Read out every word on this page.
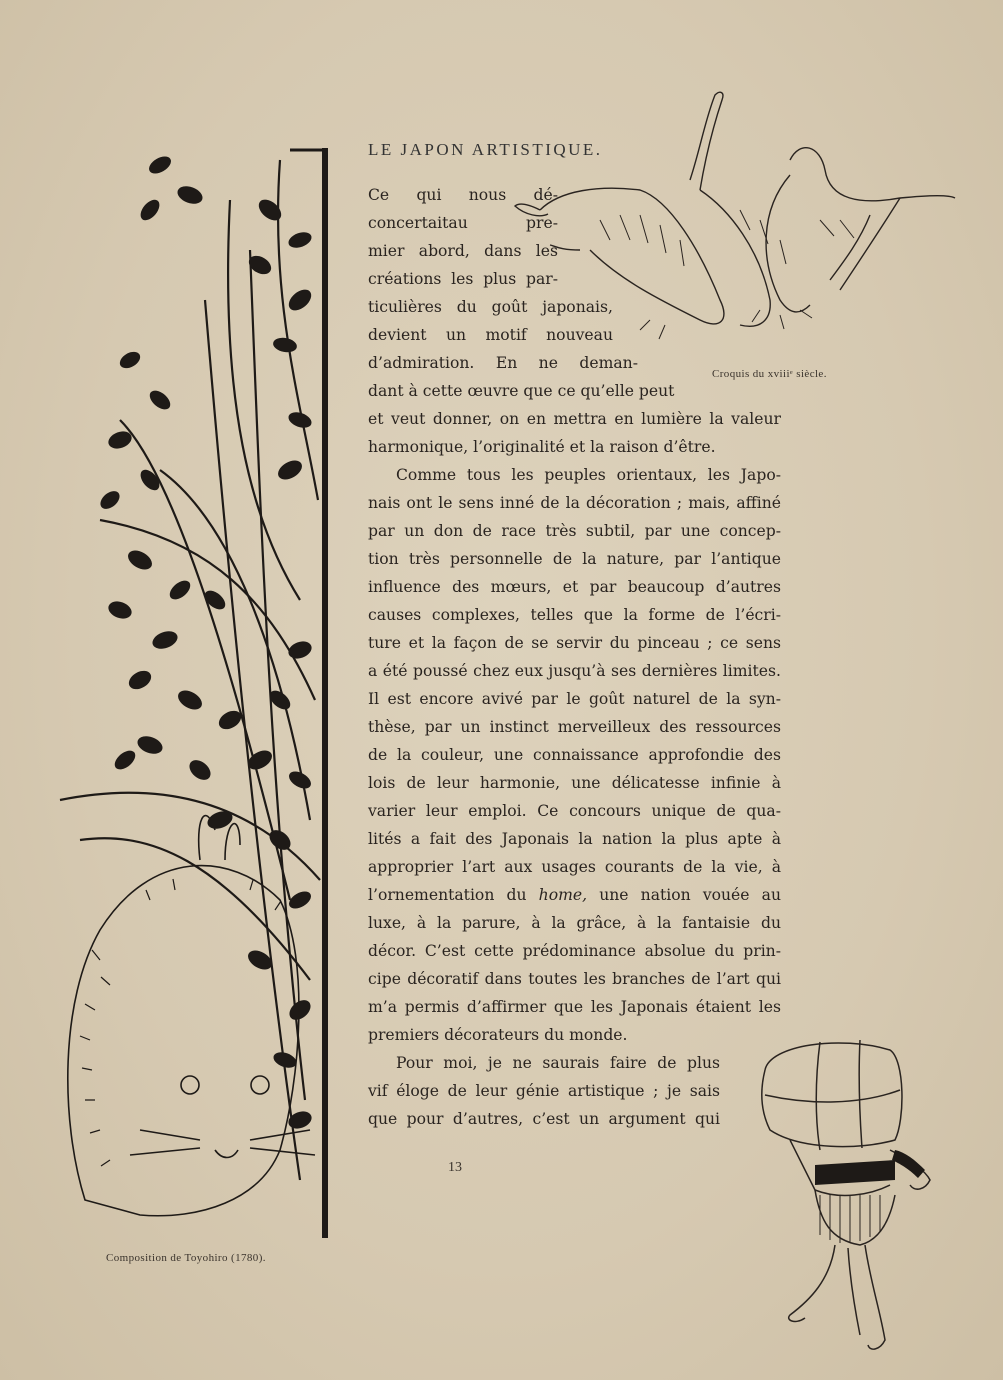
LE JAPON ARTISTIQUE.
Croquis du xviiiᵉ siècle.
Composition de Toyohiro (1780).
Ce qui nous dé-
concertaitau pre-
mier abord, dans les
créations les plus par-
ticulières du goût japonais,
devient un motif nouveau
d’admiration. En ne deman-
dant à cette œuvre que ce qu’elle peut
et veut donner, on en mettra en lumière la valeur
harmonique, l’originalité et la raison d’être.
Comme tous les peuples orientaux, les Japo-
nais ont le sens inné de la décoration ; mais, affiné
par un don de race très subtil, par une concep-
tion très personnelle de la nature, par l’antique
influence des mœurs, et par beaucoup d’autres
causes complexes, telles que la forme de l’écri-
ture et la façon de se servir du pinceau ; ce sens
a été poussé chez eux jusqu’à ses dernières limites.
Il est encore avivé par le goût naturel de la syn-
thèse, par un instinct merveilleux des ressources
de la couleur, une connaissance approfondie des
lois de leur harmonie, une délicatesse infinie à
varier leur emploi. Ce concours unique de qua-
lités a fait des Japonais la nation la plus apte à
approprier l’art aux usages courants de la vie, à
l’ornementation du home, une nation vouée au
luxe, à la parure, à la grâce, à la fantaisie du
décor. C’est cette prédominance absolue du prin-
cipe décoratif dans toutes les branches de l’art qui
m’a permis d’affirmer que les Japonais étaient les
premiers décorateurs du monde.
Pour moi, je ne saurais faire de plus
vif éloge de leur génie artistique ; je sais
que pour d’autres, c’est un argument qui
13
